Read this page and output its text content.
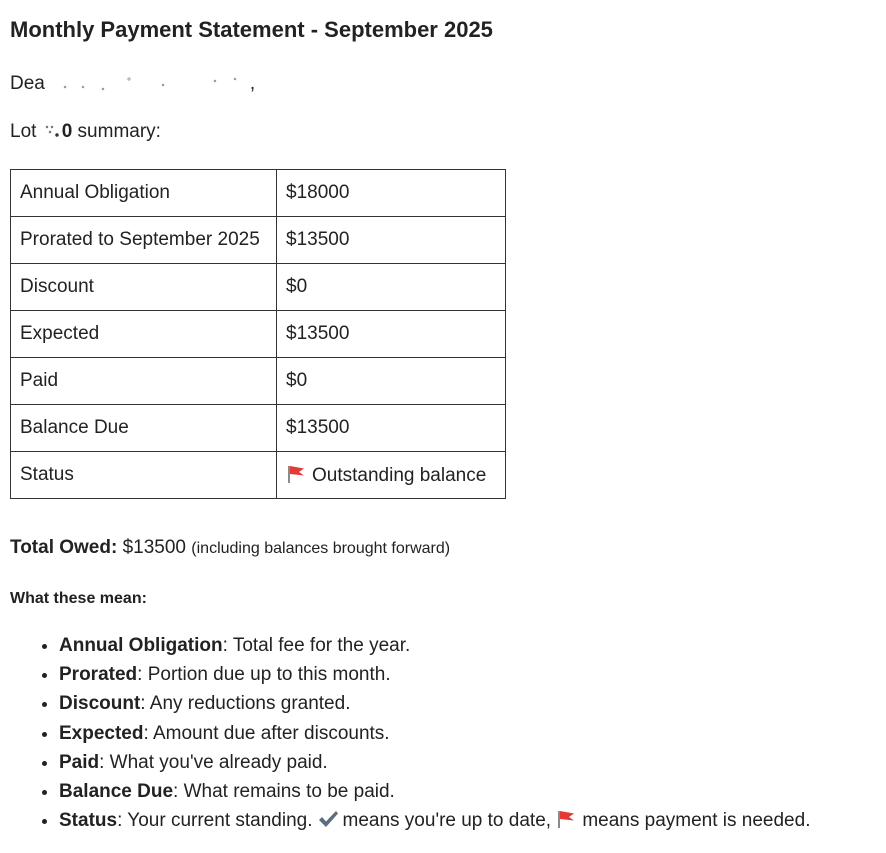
Monthly Payment Statement - September 2025
Dea	,
Lot 0 summary:
Annual Obligation	$18000
Prorated to September 2025	$13500
Discount	$0
Expected	$13500
Paid	$0
Balance Due	$13500
Status	Outstanding balance
Total Owed: $13500 (including balances brought forward)
What these mean:
• Annual Obligation: Total fee for the year.
• Prorated: Portion due up to this month.
• Discount: Any reductions granted.
• Expected: Amount due after discounts.
• Paid: What you've already paid.
• Balance Due: What remains to be paid.
• Status: Your current standing. means you're up to date, means payment is needed.
